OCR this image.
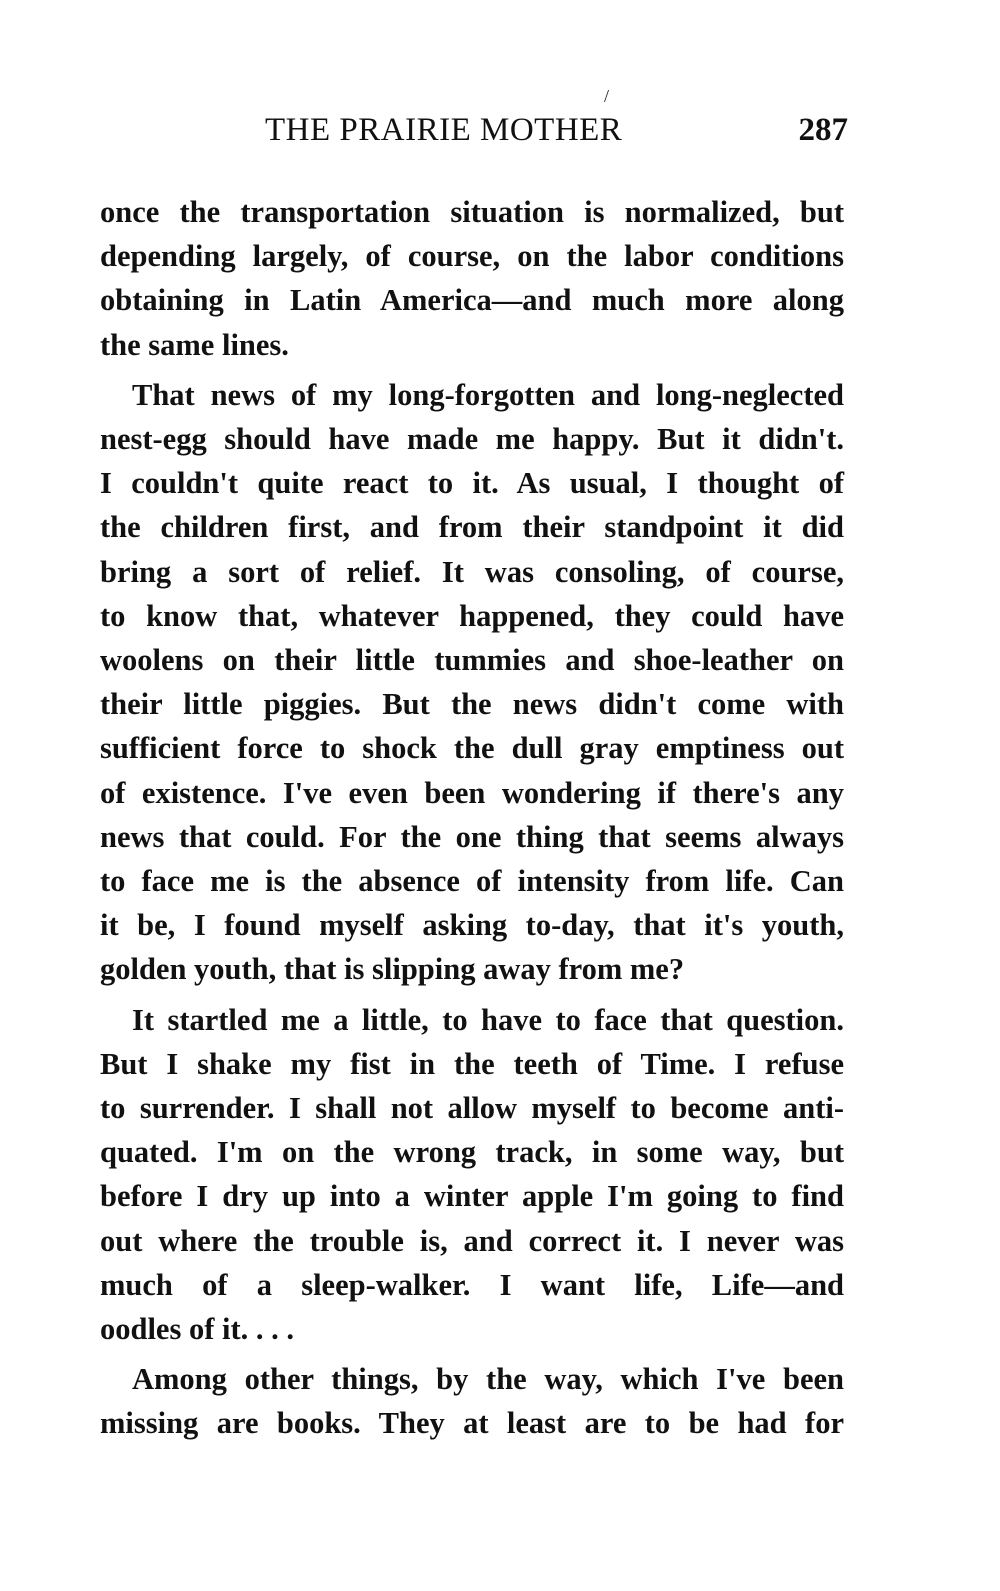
/
THE PRAIRIE MOTHER	287

once the transportation situation is normalized, but
depending largely, of course, on the labor conditions
obtaining in Latin America—and much more along
the same lines.

That news of my long-forgotten and long-neglected
nest-egg should have made me happy. But it didn't.
I couldn't quite react to it. As usual, I thought of
the children first, and from their standpoint it did
bring a sort of relief. It was consoling, of course,
to know that, whatever happened, they could have
woolens on their little tummies and shoe-leather on
their little piggies. But the news didn't come with
sufficient force to shock the dull gray emptiness out
of existence. I've even been wondering if there's any
news that could. For the one thing that seems always
to face me is the absence of intensity from life. Can
it be, I found myself asking to-day, that it's youth,
golden youth, that is slipping away from me?

It startled me a little, to have to face that question.
But I shake my fist in the teeth of Time. I refuse
to surrender. I shall not allow myself to become anti-
quated. I'm on the wrong track, in some way, but
before I dry up into a winter apple I'm going to find
out where the trouble is, and correct it. I never was
much of a sleep-walker. I want life, Life—and
oodles of it. . . .

Among other things, by the way, which I've been
missing are books. They at least are to be had for
